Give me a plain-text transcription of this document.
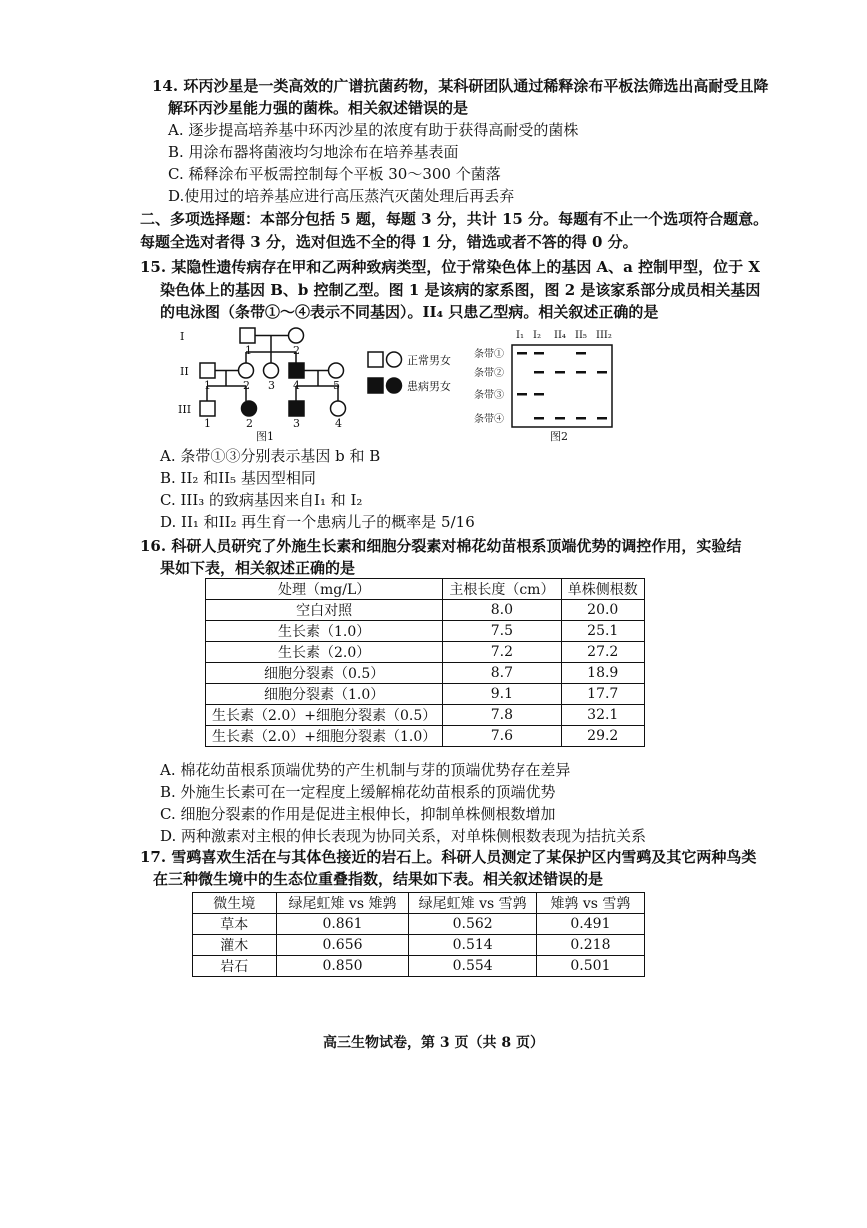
14. 环丙沙星是一类高效的广谱抗菌药物，某科研团队通过稀释涂布平板法筛选出高耐受且降
解环丙沙星能力强的菌株。相关叙述错误的是
A. 逐步提高培养基中环丙沙星的浓度有助于获得高耐受的菌株
B. 用涂布器将菌液均匀地涂布在培养基表面
C. 稀释涂布平板需控制每个平板 30～300 个菌落
D.使用过的培养基应进行高压蒸汽灭菌处理后再丢弃
二、多项选择题：本部分包括 5 题，每题 3 分，共计 15 分。每题有不止一个选项符合题意。
每题全选对者得 3 分，选对但选不全的得 1 分，错选或者不答的得 0 分。
15. 某隐性遗传病存在甲和乙两种致病类型，位于常染色体上的基因 A、a 控制甲型，位于 X
染色体上的基因 B、b 控制乙型。图 1 是该病的家系图，图 2 是该家系部分成员相关基因
的电泳图（条带①～④表示不同基因）。II₄ 只患乙型病。相关叙述正确的是
I
II
III
1	2
1	2 3 4	5
1	2	3	4
图1
正常男女
患病男女
I₁ I₂ II₄ II₅ III₂
条带①
条带②
条带③
条带④
图2
A. 条带①③分别表示基因 b 和 B
B. II₂ 和II₅ 基因型相同
C. III₃ 的致病基因来自I₁ 和 I₂
D. II₁ 和II₂ 再生育一个患病儿子的概率是 5/16
16. 科研人员研究了外施生长素和细胞分裂素对棉花幼苗根系顶端优势的调控作用，实验结
果如下表，相关叙述正确的是
处理（mg/L）	主根长度（cm）	单株侧根数
空白对照	8.0	20.0
生长素（1.0）	7.5	25.1
生长素（2.0）	7.2	27.2
细胞分裂素（0.5）	8.7	18.9
细胞分裂素（1.0）	9.1	17.7
生长素（2.0）+细胞分裂素（0.5）	7.8	32.1
生长素（2.0）+细胞分裂素（1.0）	7.6	29.2
A. 棉花幼苗根系顶端优势的产生机制与芽的顶端优势存在差异
B. 外施生长素可在一定程度上缓解棉花幼苗根系的顶端优势
C. 细胞分裂素的作用是促进主根伸长，抑制单株侧根数增加
D. 两种激素对主根的伸长表现为协同关系，对单株侧根数表现为拮抗关系
17. 雪鹀喜欢生活在与其体色接近的岩石上。科研人员测定了某保护区内雪鹀及其它两种鸟类
在三种微生境中的生态位重叠指数，结果如下表。相关叙述错误的是
微生境	绿尾虹雉 vs 雉鹑	绿尾虹雉 vs 雪鹑	雉鹑 vs 雪鹑
草本	0.861	0.562	0.491
灌木	0.656	0.514	0.218
岩石	0.850	0.554	0.501
高三生物试卷，第 3 页（共 8 页）
